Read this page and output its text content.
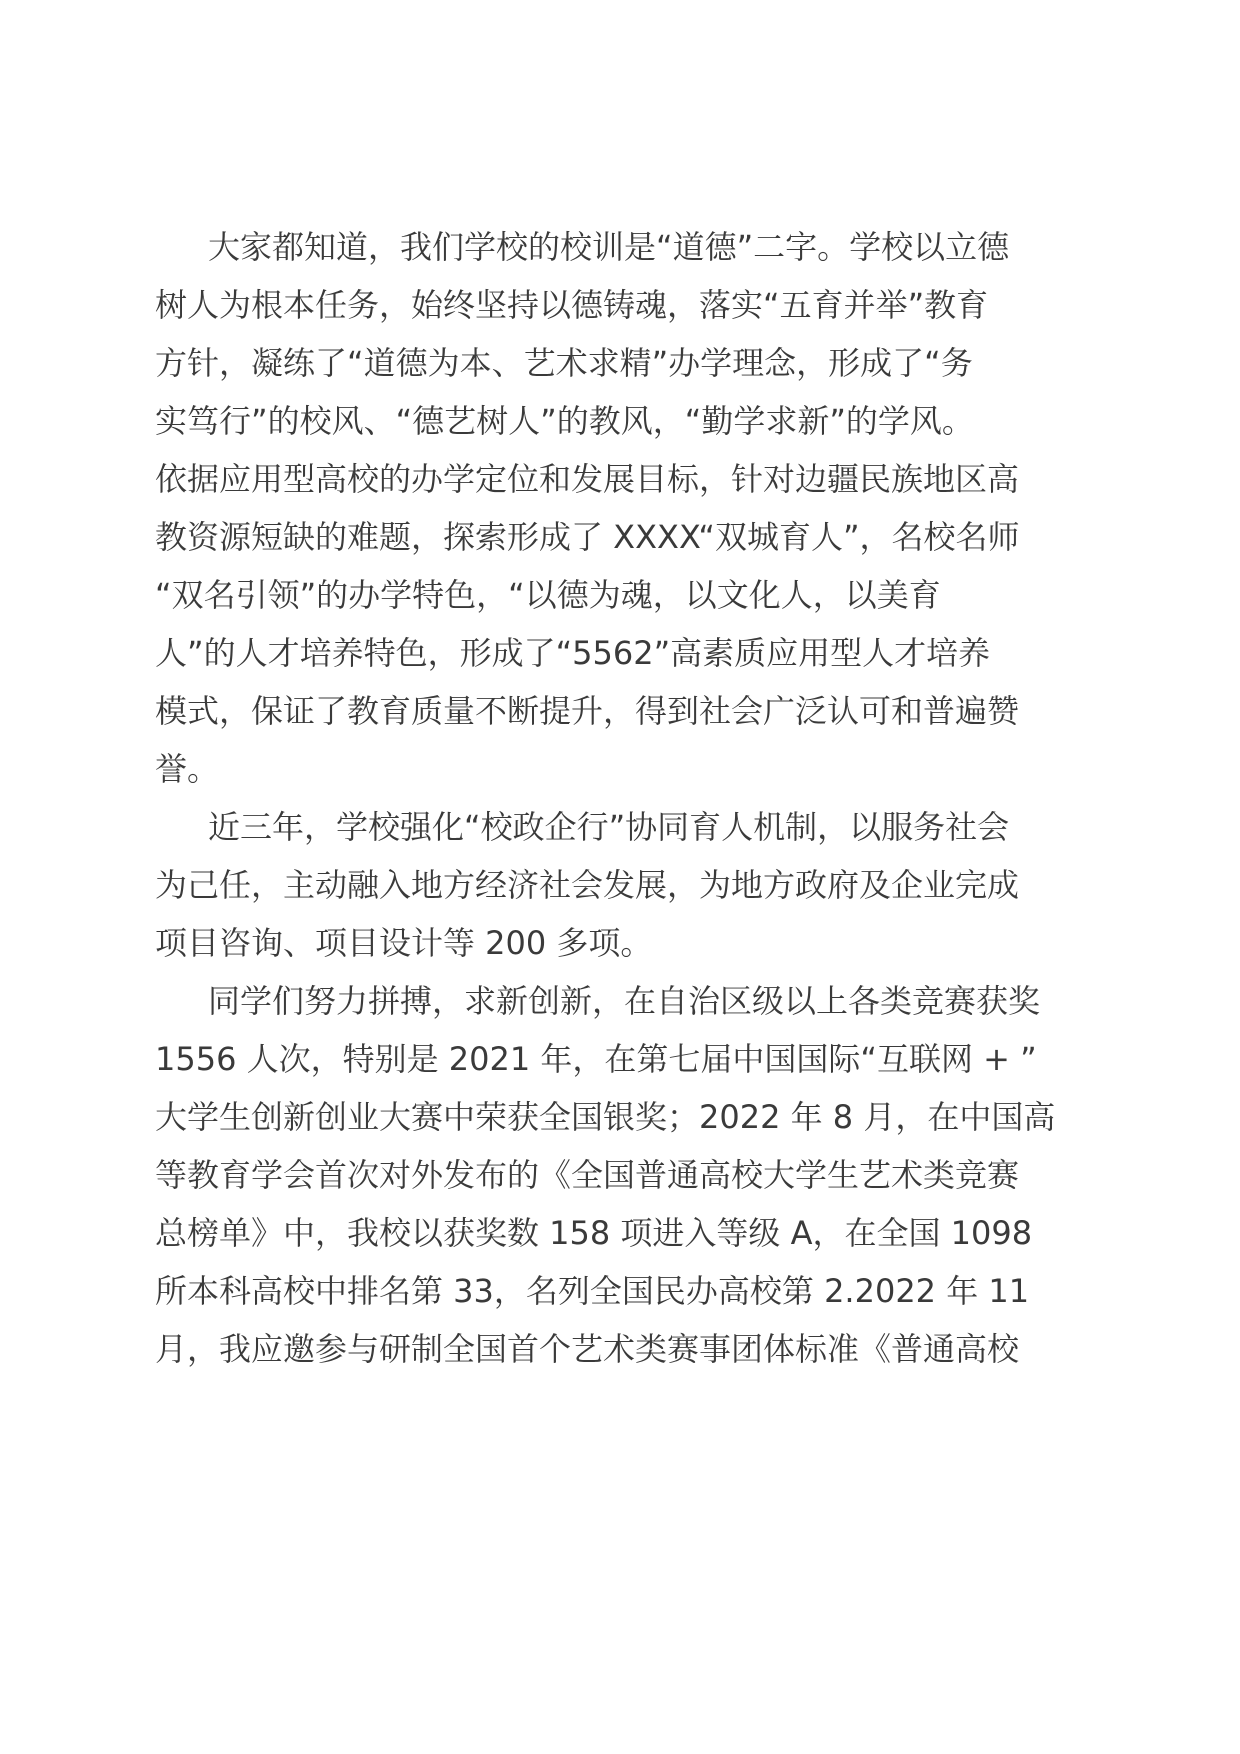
大家都知道，我们学校的校训是“道德”二字。学校以立德
树人为根本任务，始终坚持以德铸魂，落实“五育并举”教育
方针，凝练了“道德为本、艺术求精”办学理念，形成了“务
实笃行”的校风、“德艺树人”的教风，“勤学求新”的学风。
依据应用型高校的办学定位和发展目标，针对边疆民族地区高
教资源短缺的难题，探索形成了 XXXX“双城育人”，名校名师
“双名引领”的办学特色，“以德为魂，以文化人，以美育
人”的人才培养特色，形成了“5562”高素质应用型人才培养
模式，保证了教育质量不断提升，得到社会广泛认可和普遍赞
誉。
近三年，学校强化“校政企行”协同育人机制，以服务社会
为己任，主动融入地方经济社会发展，为地方政府及企业完成
项目咨询、项目设计等 200 多项。
同学们努力拼搏，求新创新，在自治区级以上各类竞赛获奖
1556 人次，特别是 2021 年，在第七届中国国际“互联网 + ”
大学生创新创业大赛中荣获全国银奖；2022 年 8 月，在中国高
等教育学会首次对外发布的《全国普通高校大学生艺术类竞赛
总榜单》中，我校以获奖数 158 项进入等级 A，在全国 1098
所本科高校中排名第 33，名列全国民办高校第 2.2022 年 11
月，我应邀参与研制全国首个艺术类赛事团体标准《普通高校
